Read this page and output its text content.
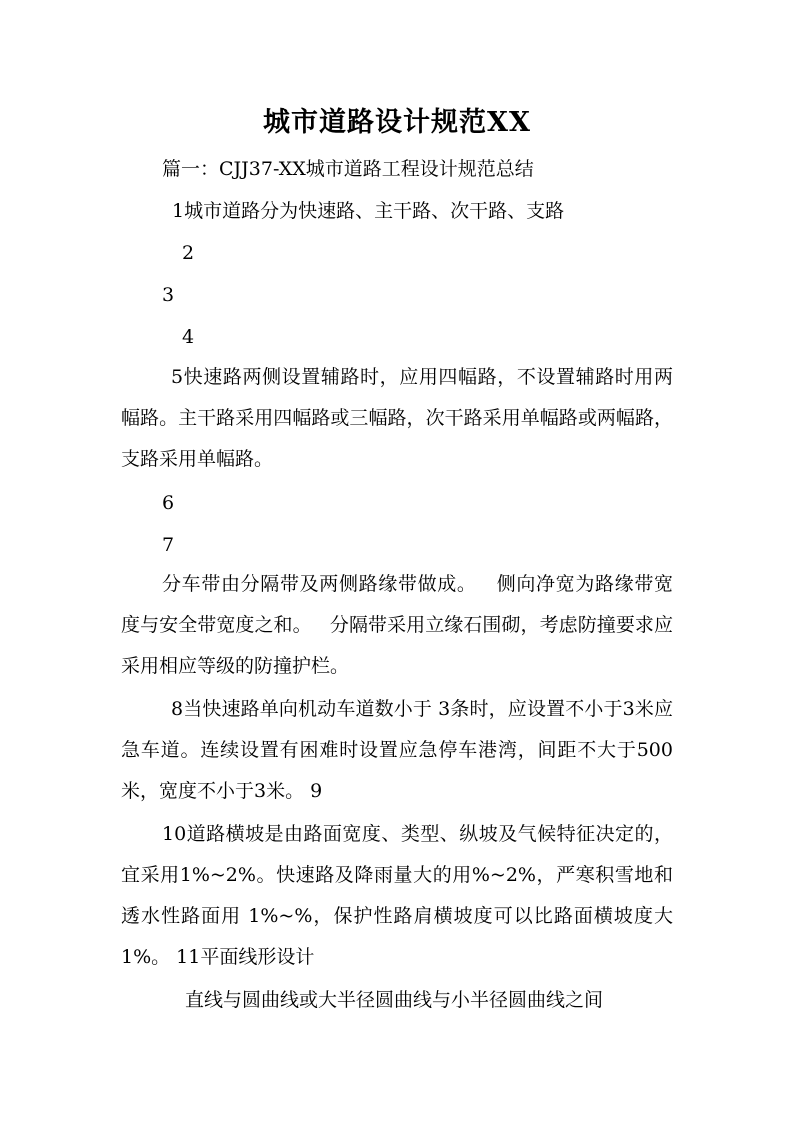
城市道路设计规范XX
篇一：CJJ37-XX城市道路工程设计规范总结
1城市道路分为快速路、主干路、次干路、支路
2
3
4
5快速路两侧设置辅路时，应用四幅路，不设置辅路时用两幅路。主干路采用四幅路或三幅路，次干路采用单幅路或两幅路，支路采用单幅路。
6
7
分车带由分隔带及两侧路缘带做成。   侧向净宽为路缘带宽度与安全带宽度之和。   分隔带采用立缘石围砌，考虑防撞要求应采用相应等级的防撞护栏。
8当快速路单向机动车道数小于 3条时，应设置不小于3米应急车道。连续设置有困难时设置应急停车港湾，间距不大于500米，宽度不小于3米。 9
10道路横坡是由路面宽度、类型、纵坡及气候特征决定的，宜采用1%~2%。快速路及降雨量大的用%~2%，严寒积雪地和透水性路面用 1%~%，保护性路肩横坡度可以比路面横坡度大1%。 11平面线形设计
直线与圆曲线或大半径圆曲线与小半径圆曲线之间
